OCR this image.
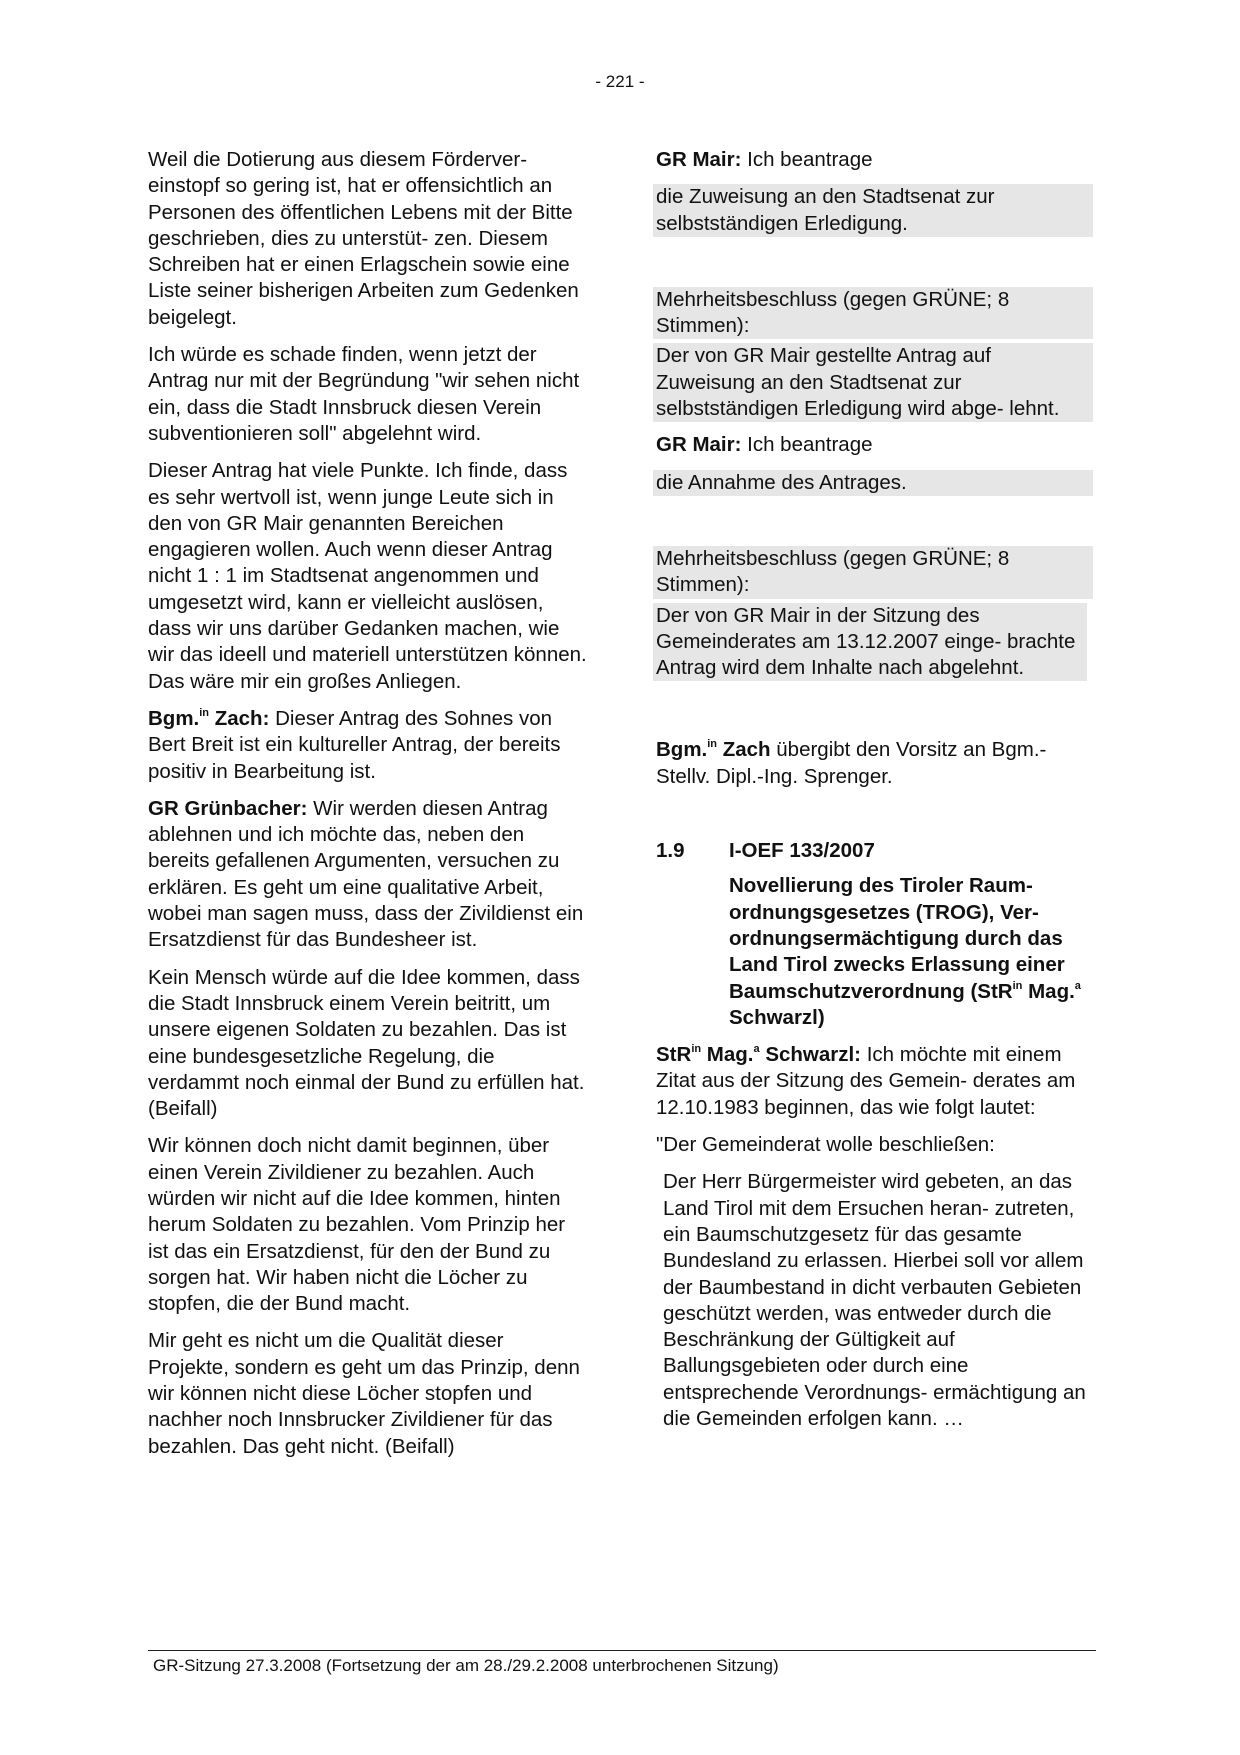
- 221 -

Weil die Dotierung aus diesem Förderver- einstopf so gering ist, hat er offensichtlich an Personen des öffentlichen Lebens mit der Bitte geschrieben, dies zu unterstüt- zen. Diesem Schreiben hat er einen Erlagschein sowie eine Liste seiner bisherigen Arbeiten zum Gedenken beigelegt.

Ich würde es schade finden, wenn jetzt der Antrag nur mit der Begründung "wir sehen nicht ein, dass die Stadt Innsbruck diesen Verein subventionieren soll" abgelehnt wird.

Dieser Antrag hat viele Punkte. Ich finde, dass es sehr wertvoll ist, wenn junge Leute sich in den von GR Mair genannten Bereichen engagieren wollen. Auch wenn dieser Antrag nicht 1 : 1 im Stadtsenat angenommen und umgesetzt wird, kann er vielleicht auslösen, dass wir uns darüber Gedanken machen, wie wir das ideell und materiell unterstützen können. Das wäre mir ein großes Anliegen.

Bgm.$^{in}$ Zach: Dieser Antrag des Sohnes von Bert Breit ist ein kultureller Antrag, der bereits positiv in Bearbeitung ist.

GR Grünbacher: Wir werden diesen Antrag ablehnen und ich möchte das, neben den bereits gefallenen Argumenten, versuchen zu erklären. Es geht um eine qualitative Arbeit, wobei man sagen muss, dass der Zivildienst ein Ersatzdienst für das Bundesheer ist.

Kein Mensch würde auf die Idee kommen, dass die Stadt Innsbruck einem Verein beitritt, um unsere eigenen Soldaten zu bezahlen. Das ist eine bundesgesetzliche Regelung, die verdammt noch einmal der Bund zu erfüllen hat. (Beifall)

Wir können doch nicht damit beginnen, über einen Verein Zivildiener zu bezahlen. Auch würden wir nicht auf die Idee kommen, hinten herum Soldaten zu bezahlen. Vom Prinzip her ist das ein Ersatzdienst, für den der Bund zu sorgen hat. Wir haben nicht die Löcher zu stopfen, die der Bund macht.

Mir geht es nicht um die Qualität dieser Projekte, sondern es geht um das Prinzip, denn wir können nicht diese Löcher stopfen und nachher noch Innsbrucker Zivildiener für das bezahlen. Das geht nicht. (Beifall)

GR Mair: Ich beantrage

die Zuweisung an den Stadtsenat zur selbstständigen Erledigung.
Mehrheitsbeschluss (gegen GRÜNE; 8 Stimmen):
Der von GR Mair gestellte Antrag auf Zuweisung an den Stadtsenat zur selbstständigen Erledigung wird abge- lehnt.

GR Mair: Ich beantrage

die Annahme des Antrages.
Mehrheitsbeschluss (gegen GRÜNE; 8 Stimmen):
Der von GR Mair in der Sitzung des Gemeinderates am 13.12.2007 einge- brachte Antrag wird dem Inhalte nach abgelehnt.

Bgm.$^{in}$ Zach übergibt den Vorsitz an Bgm.-Stellv. Dipl.-Ing. Sprenger.

1.9	I-OEF 133/2007
Novellierung des Tiroler Raum- ordnungsgesetzes (TROG), Ver- ordnungsermächtigung durch das Land Tirol zwecks Erlassung einer Baumschutzverordnung (StR$^{in}$ Mag.$^a$ Schwarzl)

StR$^{in}$ Mag.$^a$ Schwarzl: Ich möchte mit einem Zitat aus der Sitzung des Gemein- derates am 12.10.1983 beginnen, das wie folgt lautet:

"Der Gemeinderat wolle beschließen:

Der Herr Bürgermeister wird gebeten, an das Land Tirol mit dem Ersuchen heran- zutreten, ein Baumschutzgesetz für das gesamte Bundesland zu erlassen. Hierbei soll vor allem der Baumbestand in dicht verbauten Gebieten geschützt werden, was entweder durch die Beschränkung der Gültigkeit auf Ballungsgebieten oder durch eine entsprechende Verordnungs- ermächtigung an die Gemeinden erfolgen kann. …

GR-Sitzung 27.3.2008 (Fortsetzung der am 28./29.2.2008 unterbrochenen Sitzung)
